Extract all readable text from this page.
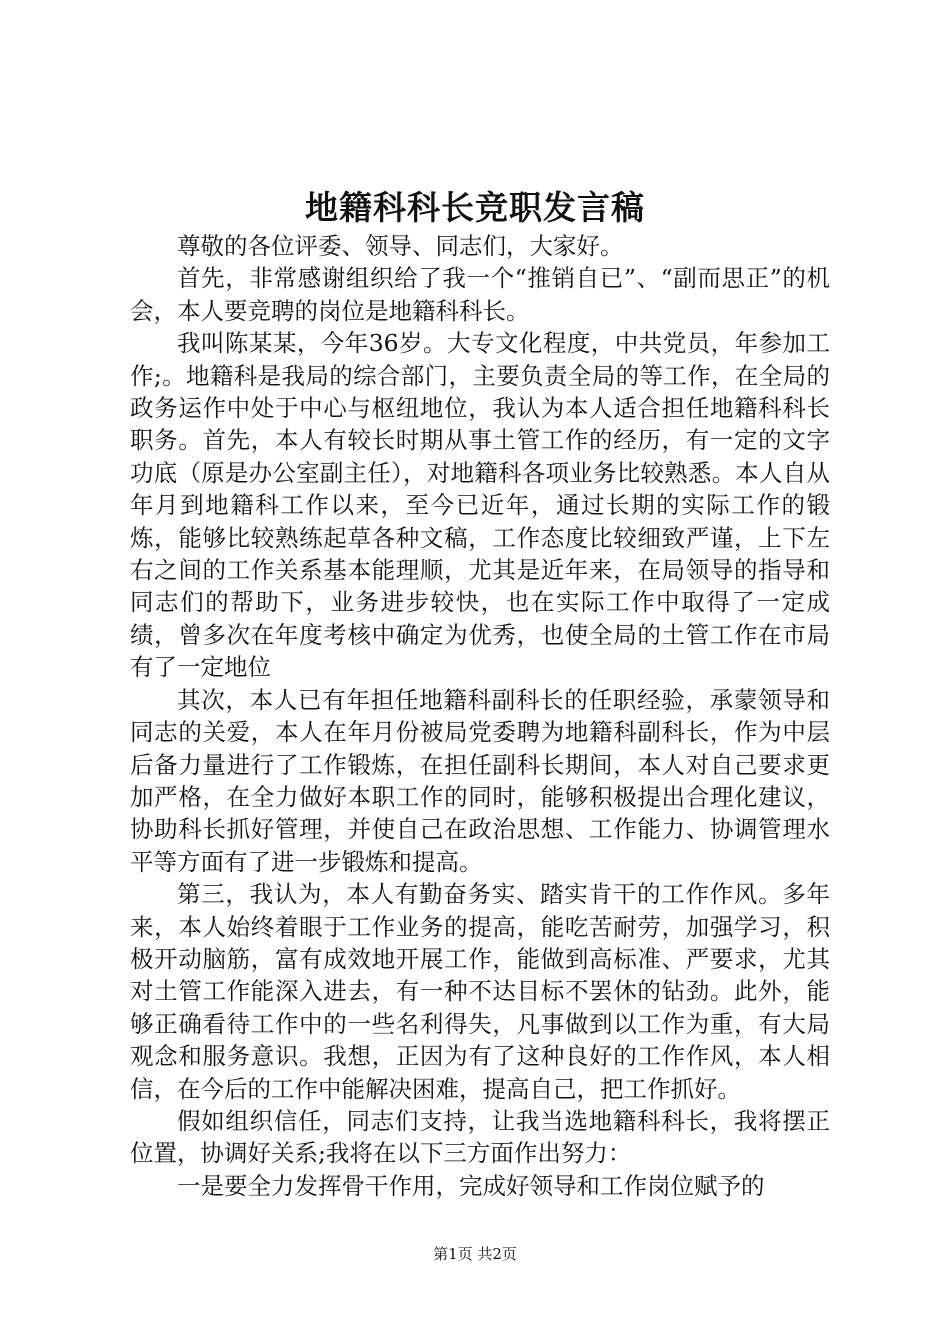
地籍科科长竞职发言稿

尊敬的各位评委、领导、同志们，大家好。

首先，非常感谢组织给了我一个“推销自已”、“副而思正”的机会，本人要竞聘的岗位是地籍科科长。

我叫陈某某，今年36岁。大专文化程度，中共党员，年参加工作;。地籍科是我局的综合部门，主要负责全局的等工作，在全局的政务运作中处于中心与枢纽地位，我认为本人适合担任地籍科科长职务。首先，本人有较长时期从事土管工作的经历，有一定的文字功底（原是办公室副主任），对地籍科各项业务比较熟悉。本人自从年月到地籍科工作以来，至今已近年，通过长期的实际工作的锻炼，能够比较熟练起草各种文稿，工作态度比较细致严谨，上下左右之间的工作关系基本能理顺，尤其是近年来，在局领导的指导和同志们的帮助下，业务进步较快，也在实际工作中取得了一定成绩，曾多次在年度考核中确定为优秀，也使全局的土管工作在市局有了一定地位

其次，本人已有年担任地籍科副科长的任职经验，承蒙领导和同志的关爱，本人在年月份被局党委聘为地籍科副科长，作为中层后备力量进行了工作锻炼，在担任副科长期间，本人对自己要求更加严格，在全力做好本职工作的同时，能够积极提出合理化建议，协助科长抓好管理，并使自己在政治思想、工作能力、协调管理水平等方面有了进一步锻炼和提高。

第三，我认为，本人有勤奋务实、踏实肯干的工作作风。多年来，本人始终着眼于工作业务的提高，能吃苦耐劳，加强学习，积极开动脑筋，富有成效地开展工作，能做到高标准、严要求，尤其对土管工作能深入进去，有一种不达目标不罢休的钻劲。此外，能够正确看待工作中的一些名利得失，凡事做到以工作为重，有大局观念和服务意识。我想，正因为有了这种良好的工作作风，本人相信，在今后的工作中能解决困难，提高自己，把工作抓好。

假如组织信任，同志们支持，让我当选地籍科科长，我将摆正位置，协调好关系;我将在以下三方面作出努力：

一是要全力发挥骨干作用，完成好领导和工作岗位赋予的

第1页 共2页
